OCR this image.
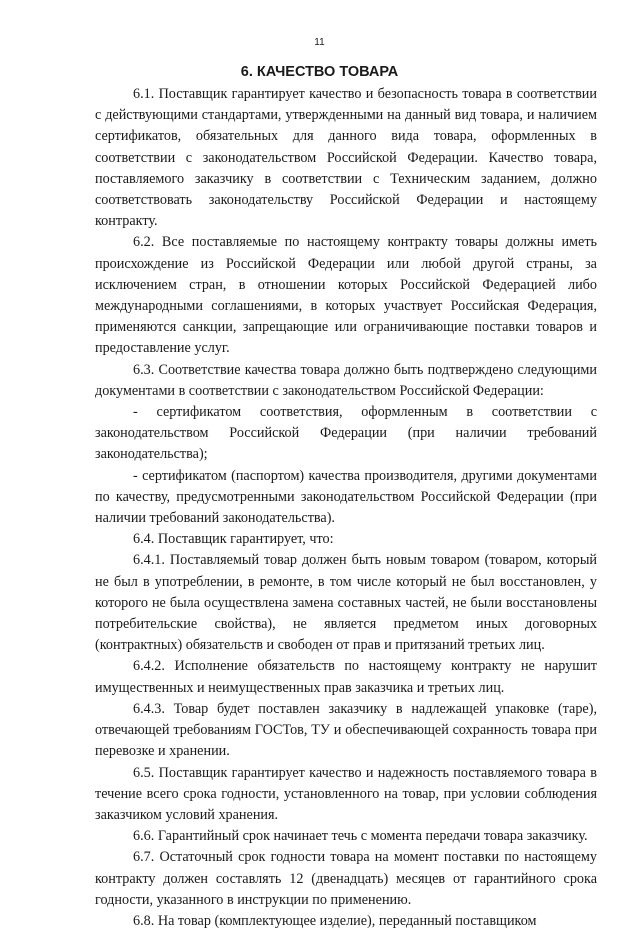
11
6. КАЧЕСТВО ТОВАРА

6.1. Поставщик гарантирует качество и безопасность товара в соответствии с действующими стандартами, утвержденными на данный вид товара, и наличием сертификатов, обязательных для данного вида товара, оформленных в соответствии с законодательством Российской Федерации. Качество товара, поставляемого заказчику в соответствии с Техническим заданием, должно соответствовать законодательству Российской Федерации и настоящему контракту.

6.2. Все поставляемые по настоящему контракту товары должны иметь происхождение из Российской Федерации или любой другой страны, за исключением стран, в отношении которых Российской Федерацией либо международными соглашениями, в которых участвует Российская Федерация, применяются санкции, запрещающие или ограничивающие поставки товаров и предоставление услуг.

6.3. Соответствие качества товара должно быть подтверждено следующими документами в соответствии с законодательством Российской Федерации:

- сертификатом соответствия, оформленным в соответствии с законодательством Российской Федерации (при наличии требований законодательства);

- сертификатом (паспортом) качества производителя, другими документами по качеству, предусмотренными законодательством Российской Федерации (при наличии требований законодательства).

6.4. Поставщик гарантирует, что:

6.4.1. Поставляемый товар должен быть новым товаром (товаром, который не был в употреблении, в ремонте, в том числе который не был восстановлен, у которого не была осуществлена замена составных частей, не были восстановлены потребительские свойства), не является предметом иных договорных (контрактных) обязательств и свободен от прав и притязаний третьих лиц.

6.4.2. Исполнение обязательств по настоящему контракту не нарушит имущественных и неимущественных прав заказчика и третьих лиц.

6.4.3. Товар будет поставлен заказчику в надлежащей упаковке (таре), отвечающей требованиям ГОСТов, ТУ и обеспечивающей сохранность товара при перевозке и хранении.

6.5. Поставщик гарантирует качество и надежность поставляемого товара в течение всего срока годности, установленного на товар, при условии соблюдения заказчиком условий хранения.

6.6. Гарантийный срок начинает течь с момента передачи товара заказчику.

6.7. Остаточный срок годности товара на момент поставки по настоящему контракту должен составлять 12 (двенадцать) месяцев от гарантийного срока годности, указанного в инструкции по применению.

6.8. На товар (комплектующее изделие), переданный поставщиком
